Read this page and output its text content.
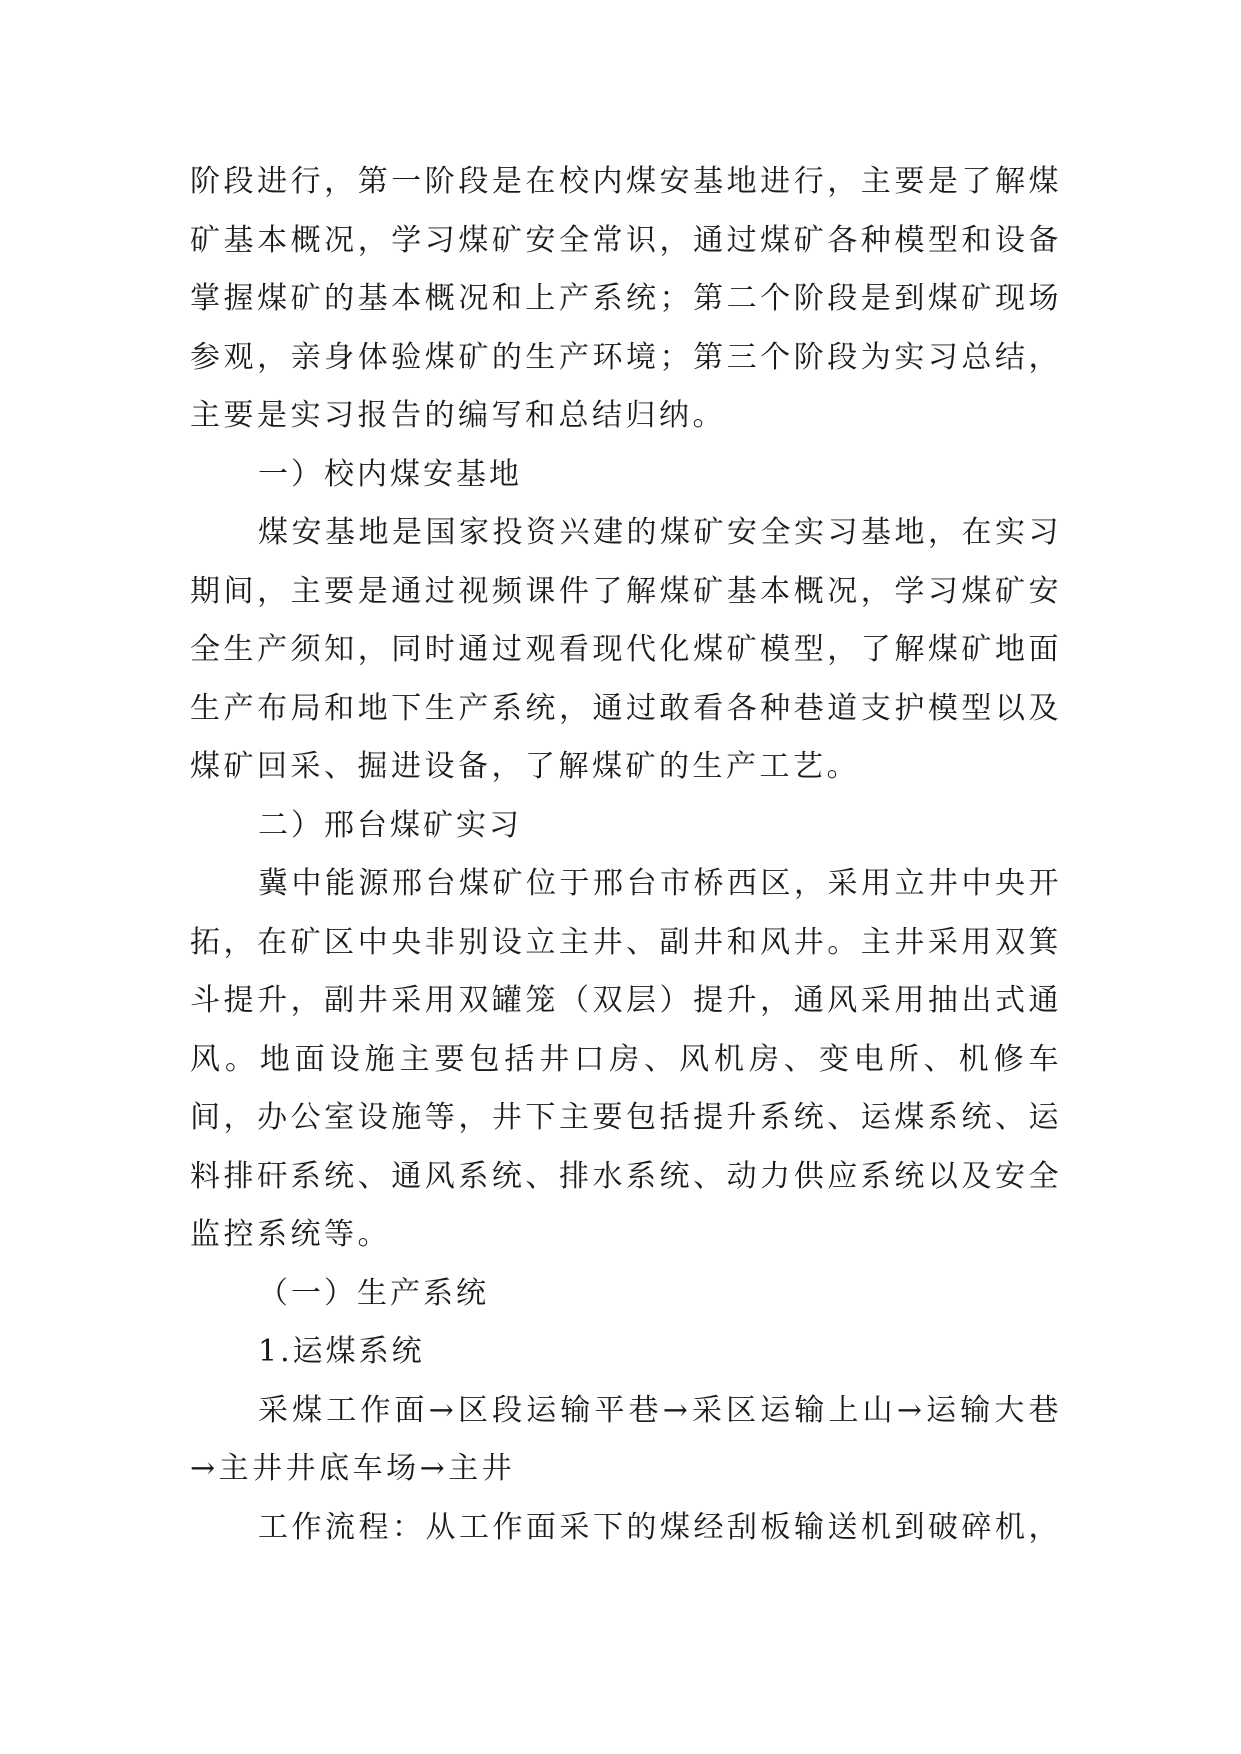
阶段进行，第一阶段是在校内煤安基地进行，主要是了解煤矿基本概况，学习煤矿安全常识，通过煤矿各种模型和设备掌握煤矿的基本概况和上产系统；第二个阶段是到煤矿现场参观，亲身体验煤矿的生产环境；第三个阶段为实习总结，主要是实习报告的编写和总结归纳。

一）校内煤安基地

煤安基地是国家投资兴建的煤矿安全实习基地，在实习期间，主要是通过视频课件了解煤矿基本概况，学习煤矿安全生产须知，同时通过观看现代化煤矿模型，了解煤矿地面生产布局和地下生产系统，通过敢看各种巷道支护模型以及煤矿回采、掘进设备，了解煤矿的生产工艺。

二）邢台煤矿实习

冀中能源邢台煤矿位于邢台市桥西区，采用立井中央开拓，在矿区中央非别设立主井、副井和风井。主井采用双箕斗提升，副井采用双罐笼（双层）提升，通风采用抽出式通风。地面设施主要包括井口房、风机房、变电所、机修车间，办公室设施等，井下主要包括提升系统、运煤系统、运料排矸系统、通风系统、排水系统、动力供应系统以及安全监控系统等。

（一）生产系统

1.运煤系统

采煤工作面→区段运输平巷→采区运输上山→运输大巷→主井井底车场→主井

工作流程：从工作面采下的煤经刮板输送机到破碎机，
